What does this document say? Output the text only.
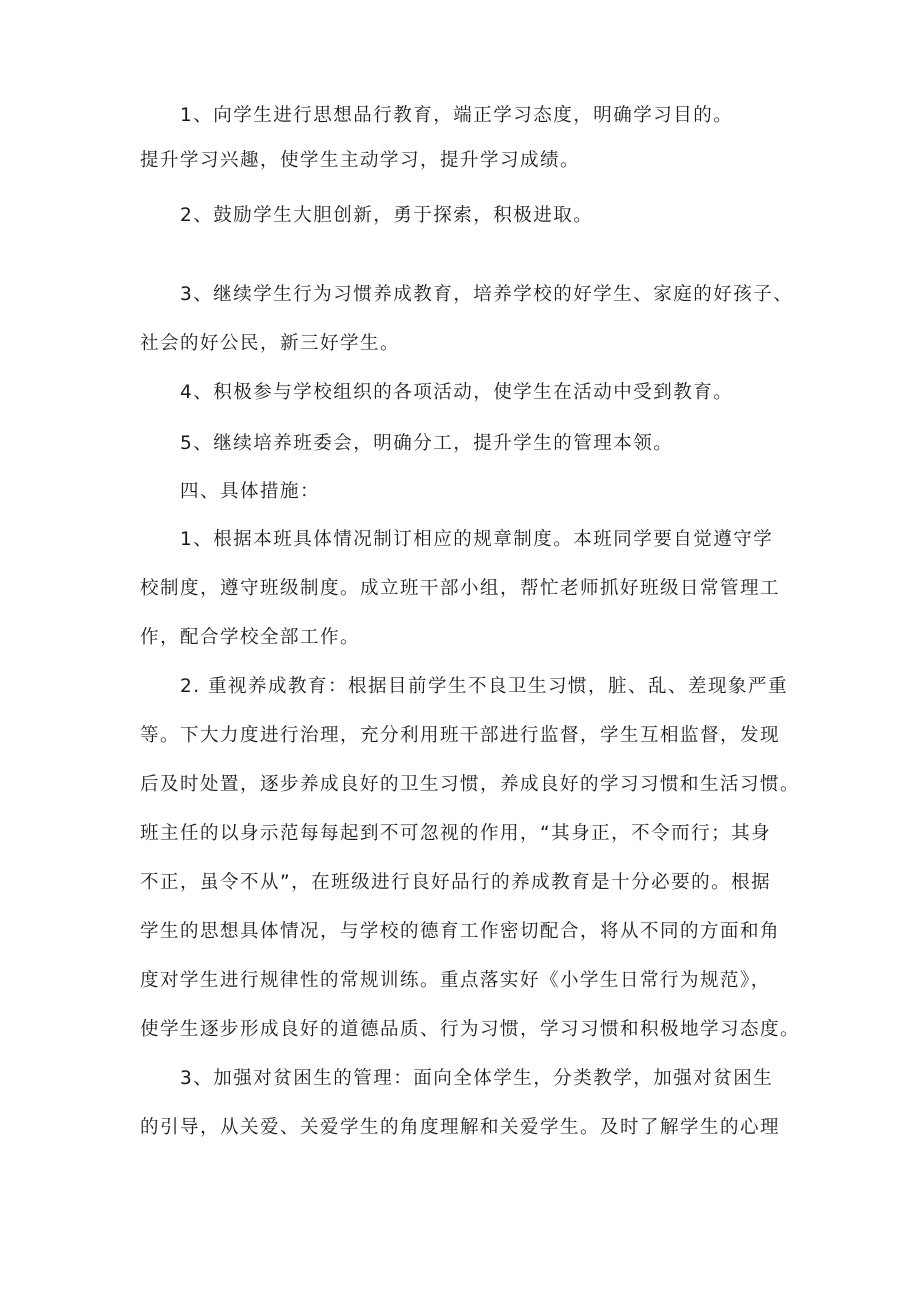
1、向学生进行思想品行教育，端正学习态度，明确学习目的。
提升学习兴趣，使学生主动学习，提升学习成绩。
2、鼓励学生大胆创新，勇于探索，积极进取。
3、继续学生行为习惯养成教育，培养学校的好学生、家庭的好孩子、
社会的好公民，新三好学生。
4、积极参与学校组织的各项活动，使学生在活动中受到教育。
5、继续培养班委会，明确分工，提升学生的管理本领。
四、具体措施：
1、根据本班具体情况制订相应的规章制度。本班同学要自觉遵守学
校制度，遵守班级制度。成立班干部小组，帮忙老师抓好班级日常管理工
作，配合学校全部工作。
2. 重视养成教育：根据目前学生不良卫生习惯，脏、乱、差现象严重
等。下大力度进行治理，充分利用班干部进行监督，学生互相监督，发现
后及时处置，逐步养成良好的卫生习惯，养成良好的学习习惯和生活习惯。
班主任的以身示范每每起到不可忽视的作用，“其身正，不令而行；其身
不正，虽令不从”，在班级进行良好品行的养成教育是十分必要的。根据
学生的思想具体情况，与学校的德育工作密切配合，将从不同的方面和角
度对学生进行规律性的常规训练。重点落实好《小学生日常行为规范》，
使学生逐步形成良好的道德品质、行为习惯，学习习惯和积极地学习态度。
3、加强对贫困生的管理：面向全体学生，分类教学，加强对贫困生
的引导，从关爱、关爱学生的角度理解和关爱学生。及时了解学生的心理
